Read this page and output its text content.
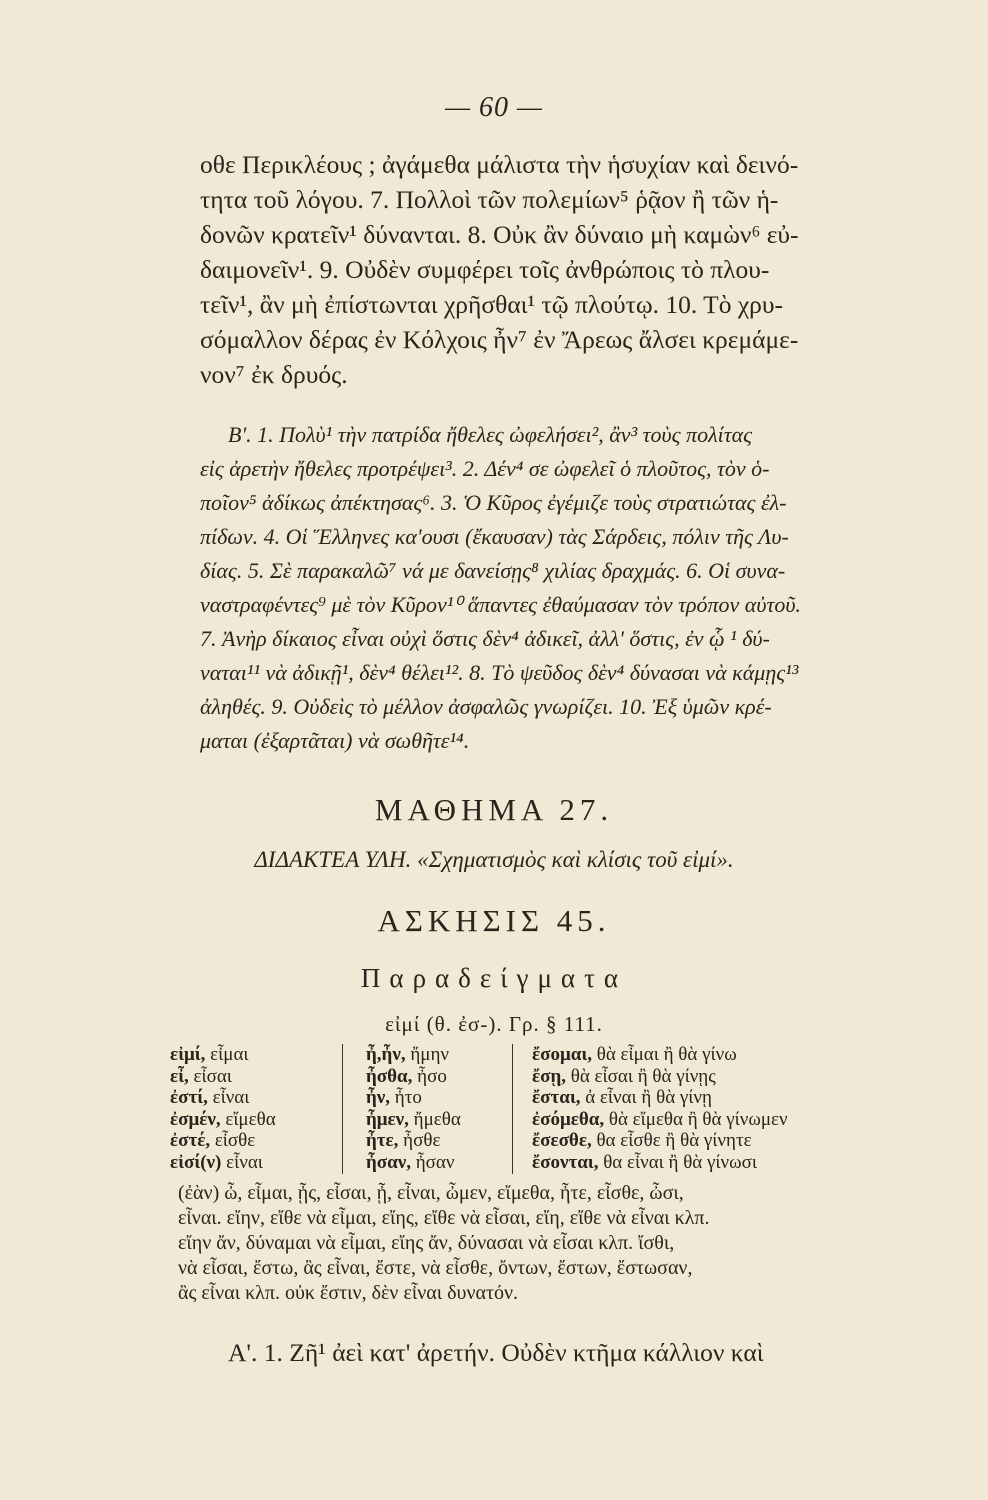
— 60 —
οθε Περικλέους ; ἀγάμεθα μάλιστα τὴν ἡσυχίαν καὶ δεινό-
τητα τοῦ λόγου. 7. Πολλοὶ τῶν πολεμίων⁵ ῥᾷον ἢ τῶν ἡ-
δονῶν κρατεῖν¹ δύνανται. 8. Οὐκ ἂν δύναιο μὴ καμὼν⁶ εὐ-
δαιμονεῖν¹. 9. Οὐδὲν συμφέρει τοῖς ἀνθρώποις τὸ πλου-
τεῖν¹, ἂν μὴ ἐπίστωνται χρῆσθαι¹ τῷ πλούτῳ. 10. Τὸ χρυ-
σόμαλλον δέρας ἐν Κόλχοις ἦν⁷ ἐν Ἄρεως ἄλσει κρεμάμε-
νον⁷ ἐκ δρυός.
Β'. 1. Πολὺ¹ τὴν πατρίδα ἤθελες ὠφελήσει², ἂν³ τοὺς πολίτας
εἰς ἀρετὴν ἤθελες προτρέψει³. 2. Δέν⁴ σε ὠφελεῖ ὁ πλοῦτος, τὸν ὁ-
ποῖον⁵ ἀδίκως ἀπέκτησας⁶. 3. Ὁ Κῦρος ἐγέμιζε τοὺς στρατιώτας ἐλ-
πίδων. 4. Οἱ Ἕλληνες κα'ουσι (ἔκαυσαν) τὰς Σάρδεις, πόλιν τῆς Λυ-
δίας. 5. Σὲ παρακαλῶ⁷ νά με δανείσῃς⁸ χιλίας δραχμάς. 6. Οἱ συνα-
ναστραφέντες⁹ μὲ τὸν Κῦρον¹⁰ ἅπαντες ἐθαύμασαν τὸν τρόπον αὐτοῦ.
7. Ἀνὴρ δίκαιος εἶναι οὐχὶ ὅστις δὲν⁴ ἀδικεῖ, ἀλλ' ὅστις, ἐν ᾧ ¹ δύ-
ναται¹¹ νὰ ἀδικῇ¹, δὲν⁴ θέλει¹². 8. Τὸ ψεῦδος δὲν⁴ δύνασαι νὰ κάμῃς¹³
ἀληθές. 9. Οὐδεὶς τὸ μέλλον ἀσφαλῶς γνωρίζει. 10. Ἐξ ὑμῶν κρέ-
μαται (ἐξαρτᾶται) νὰ σωθῆτε¹⁴.
ΜΑΘΗΜΑ 27.
ΔΙΔΑΚΤΕΑ ΥΛΗ. «Σχηματισμὸς καὶ κλίσις τοῦ εἰμί».
ΑΣΚΗΣΙΣ 45.
Παραδείγματα
εἰμί (θ. ἐσ-). Γρ. § 111.
εἰμί, εἶμαι
εἶ, εἶσαι
ἐστί, εἶναι
ἐσμέν, εἴμεθα
ἐστέ, εἶσθε
εἰσί(ν) εἶναι
ἦ,ἦν, ἤμην
ἦσθα, ἦσο
ἦν, ἦτο
ἦμεν, ἤμεθα
ἦτε, ἦσθε
ἦσαν, ἦσαν
ἔσομαι, θὰ εἶμαι ἢ θὰ γίνω
ἔσῃ, θὰ εἶσαι ἢ θὰ γίνῃς
ἔσται, ἀ εἶναι ἢ θὰ γίνῃ
ἐσόμεθα, θὰ εἴμεθα ἢ θὰ γίνωμεν
ἔσεσθε, θα εἶσθε ἢ θὰ γίνητε
ἔσονται, θα εἶναι ἢ θὰ γίνωσι
(ἐὰν) ὦ, εἶμαι, ᾖς, εἶσαι, ᾖ, εἶναι, ὦμεν, εἴμεθα, ἦτε, εἶσθε, ὦσι,
εἶναι. εἴην, εἴθε νὰ εἶμαι, εἴης, εἴθε νὰ εἶσαι, εἴη, εἴθε νὰ εἶναι κλπ.
εἴην ἄν, δύναμαι νὰ εἶμαι, εἴης ἄν, δύνασαι νὰ εἶσαι κλπ. ἴσθι,
νὰ εἶσαι, ἔστω, ἂς εἶναι, ἔστε, νὰ εἶσθε, ὄντων, ἔστων, ἔστωσαν,
ἂς εἶναι κλπ. οὐκ ἔστιν, δὲν εἶναι δυνατόν.
Α'. 1. Ζῆ¹ ἀεὶ κατ' ἀρετήν. Οὐδὲν κτῆμα κάλλιον καὶ
